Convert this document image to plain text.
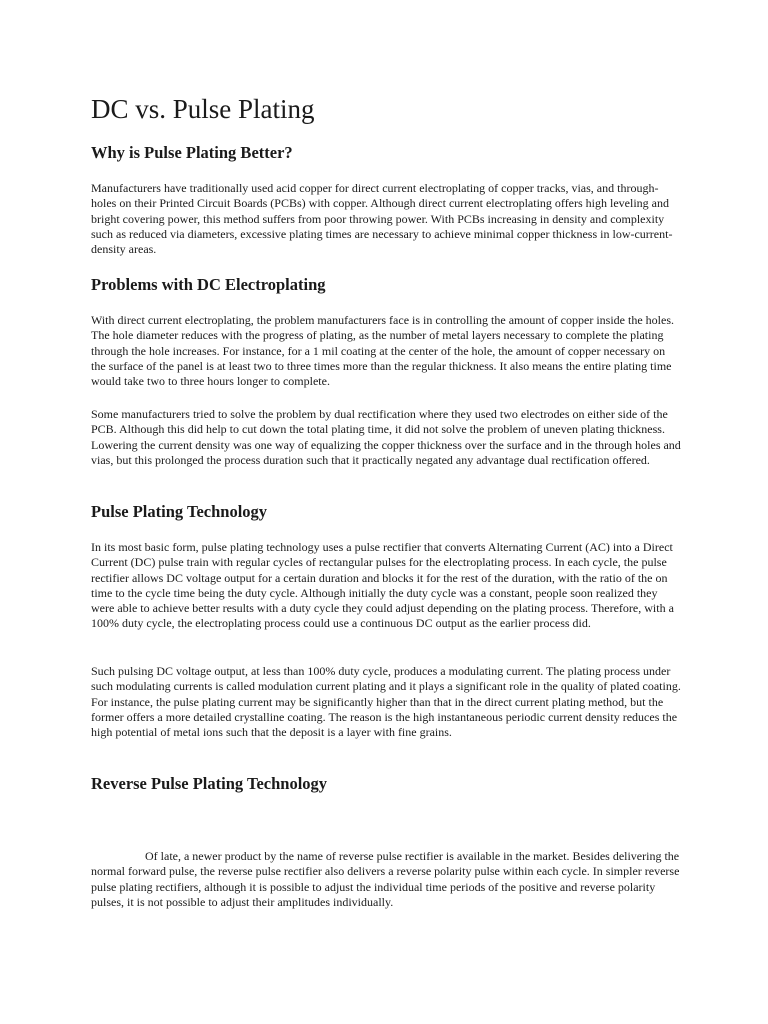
DC vs. Pulse Plating
Why is Pulse Plating Better?

Manufacturers have traditionally used acid copper for direct current electroplating of copper tracks, vias, and through-holes on their Printed Circuit Boards (PCBs) with copper. Although direct current electroplating offers high leveling and bright covering power, this method suffers from poor throwing power. With PCBs increasing in density and complexity such as reduced via diameters, excessive plating times are necessary to achieve minimal copper thickness in low-current-density areas.

Problems with DC Electroplating

With direct current electroplating, the problem manufacturers face is in controlling the amount of copper inside the holes. The hole diameter reduces with the progress of plating, as the number of metal layers necessary to complete the plating through the hole increases. For instance, for a 1 mil coating at the center of the hole, the amount of copper necessary on the surface of the panel is at least two to three times more than the regular thickness. It also means the entire plating time would take two to three hours longer to complete.

Some manufacturers tried to solve the problem by dual rectification where they used two electrodes on either side of the PCB. Although this did help to cut down the total plating time, it did not solve the problem of uneven plating thickness. Lowering the current density was one way of equalizing the copper thickness over the surface and in the through holes and vias, but this prolonged the process duration such that it practically negated any advantage dual rectification offered.

Pulse Plating Technology

In its most basic form, pulse plating technology uses a pulse rectifier that converts Alternating Current (AC) into a Direct Current (DC) pulse train with regular cycles of rectangular pulses for the electroplating process. In each cycle, the pulse rectifier allows DC voltage output for a certain duration and blocks it for the rest of the duration, with the ratio of the on time to the cycle time being the duty cycle. Although initially the duty cycle was a constant, people soon realized they were able to achieve better results with a duty cycle they could adjust depending on the plating process. Therefore, with a 100% duty cycle, the electroplating process could use a continuous DC output as the earlier process did.

Such pulsing DC voltage output, at less than 100% duty cycle, produces a modulating current. The plating process under such modulating currents is called modulation current plating and it plays a significant role in the quality of plated coating. For instance, the pulse plating current may be significantly higher than that in the direct current plating method, but the former offers a more detailed crystalline coating. The reason is the high instantaneous periodic current density reduces the high potential of metal ions such that the deposit is a layer with fine grains.

Reverse Pulse Plating Technology

Of late, a newer product by the name of reverse pulse rectifier is available in the market. Besides delivering the normal forward pulse, the reverse pulse rectifier also delivers a reverse polarity pulse within each cycle. In simpler reverse pulse plating rectifiers, although it is possible to adjust the individual time periods of the positive and reverse polarity pulses, it is not possible to adjust their amplitudes individually.
